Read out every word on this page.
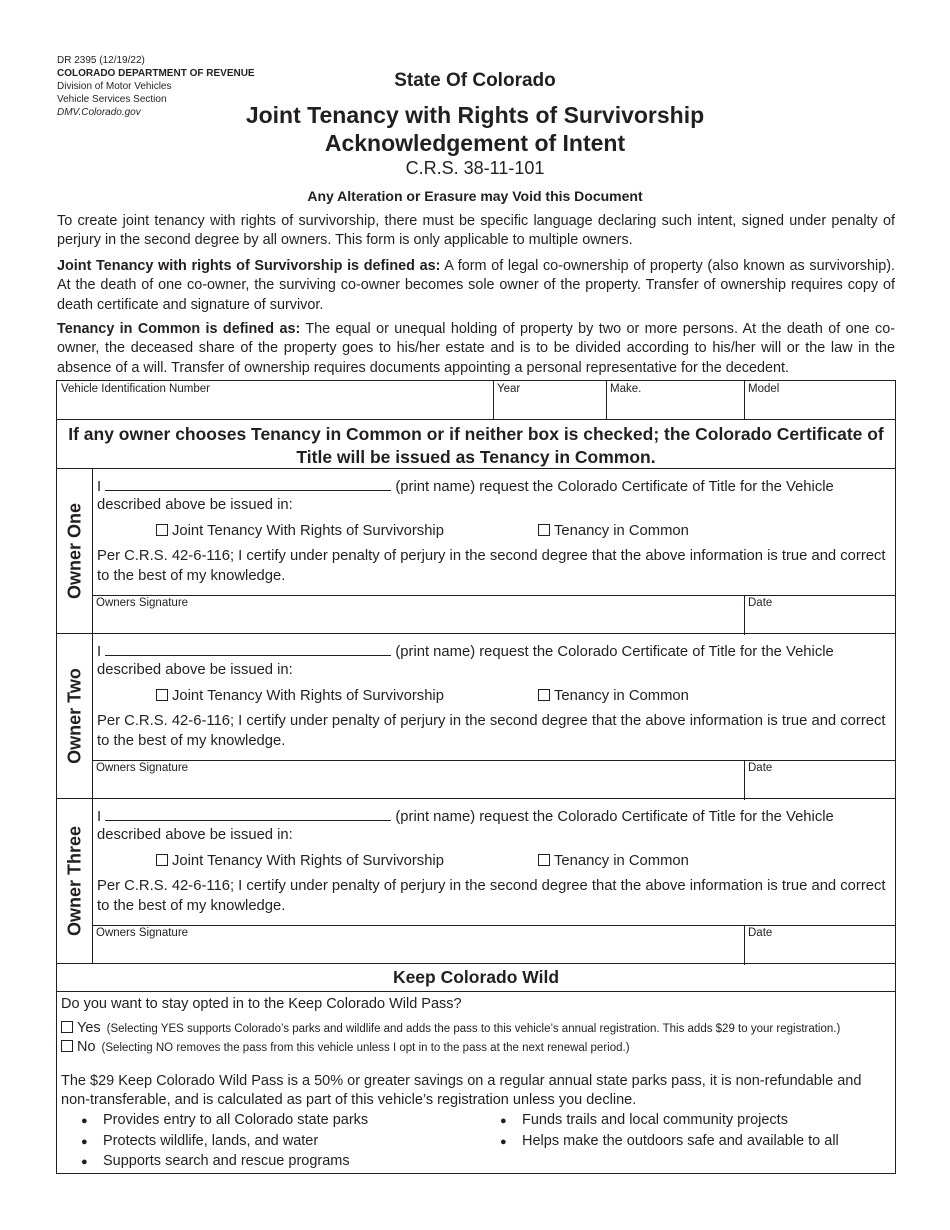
DR 2395 (12/19/22)
COLORADO DEPARTMENT OF REVENUE
Division of Motor Vehicles
Vehicle Services Section
DMV.Colorado.gov
State Of Colorado
Joint Tenancy with Rights of Survivorship
Acknowledgement of Intent
C.R.S. 38-11-101
Any Alteration or Erasure may Void this Document
To create joint tenancy with rights of survivorship, there must be specific language declaring such intent, signed under penalty of perjury in the second degree by all owners. This form is only applicable to multiple owners.
Joint Tenancy with rights of Survivorship is defined as: A form of legal co-ownership of property (also known as survivorship). At the death of one co-owner, the surviving co-owner becomes sole owner of the property. Transfer of ownership requires copy of death certificate and signature of survivor.
Tenancy in Common is defined as: The equal or unequal holding of property by two or more persons. At the death of one co-owner, the deceased share of the property goes to his/her estate and is to be divided according to his/her will or the law in the absence of a will. Transfer of ownership requires documents appointing a personal representative for the decedent.
Vehicle Identification Number	Year	Make.	Model
If any owner chooses Tenancy in Common or if neither box is checked; the Colorado Certificate of Title will be issued as Tenancy in Common.
Owner One
I	(print name) request the Colorado Certificate of Title for the Vehicle
described above be issued in:
Joint Tenancy With Rights of Survivorship	Tenancy in Common
Per C.R.S. 42-6-116; I certify under penalty of perjury in the second degree that the above information is true and correct to the best of my knowledge.
Owners Signature	Date
Owner Two
I	(print name) request the Colorado Certificate of Title for the Vehicle
described above be issued in:
Joint Tenancy With Rights of Survivorship	Tenancy in Common
Per C.R.S. 42-6-116; I certify under penalty of perjury in the second degree that the above information is true and correct to the best of my knowledge.
Owners Signature	Date
Owner Three
I	(print name) request the Colorado Certificate of Title for the Vehicle
described above be issued in:
Joint Tenancy With Rights of Survivorship	Tenancy in Common
Per C.R.S. 42-6-116; I certify under penalty of perjury in the second degree that the above information is true and correct to the best of my knowledge.
Owners Signature	Date
Keep Colorado Wild
Do you want to stay opted in to the Keep Colorado Wild Pass?
Yes (Selecting YES supports Colorado’s parks and wildlife and adds the pass to this vehicle’s annual registration. This adds $29 to your registration.)
No (Selecting NO removes the pass from this vehicle unless I opt in to the pass at the next renewal period.)
The $29 Keep Colorado Wild Pass is a 50% or greater savings on a regular annual state parks pass, it is non-refundable and non-transferable, and is calculated as part of this vehicle’s registration unless you decline.
● Provides entry to all Colorado state parks
● Protects wildlife, lands, and water
● Supports search and rescue programs
● Funds trails and local community projects
● Helps make the outdoors safe and available to all
